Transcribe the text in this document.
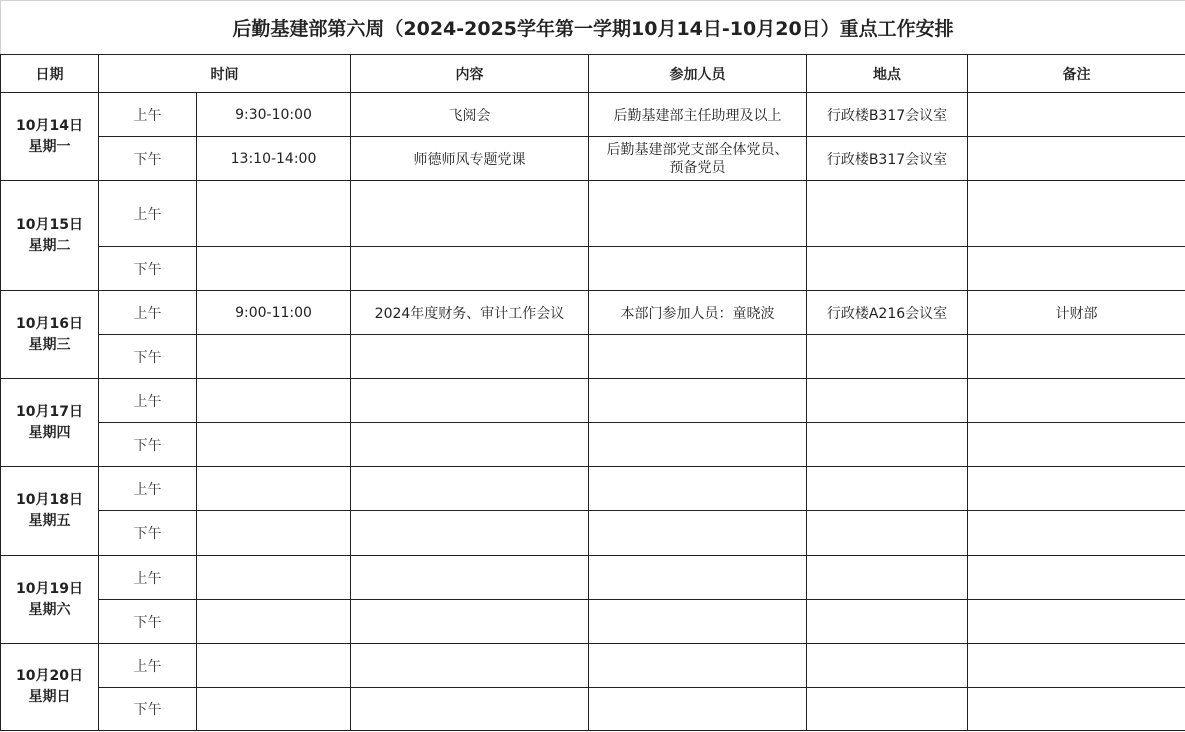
后勤基建部第六周（2024-2025学年第一学期10月14日-10月20日）重点工作安排						
日期	时间		内容	参加人员	地点	备注
10月14日
星期一	上午	9:30-10:00	飞阅会	后勤基建部主任助理及以上	行政楼B317会议室	
	下午	13:10-14:00	师德师风专题党课	后勤基建部党支部全体党员、
预备党员	行政楼B317会议室	
10月15日
星期二	上午					
	下午					
10月16日
星期三	上午	9:00-11:00	2024年度财务、审计工作会议	本部门参加人员：童晓波	行政楼A216会议室	计财部
	下午					
10月17日
星期四	上午					
	下午					
10月18日
星期五	上午					
	下午					
10月19日
星期六	上午					
	下午					
10月20日
星期日	上午					
	下午					
